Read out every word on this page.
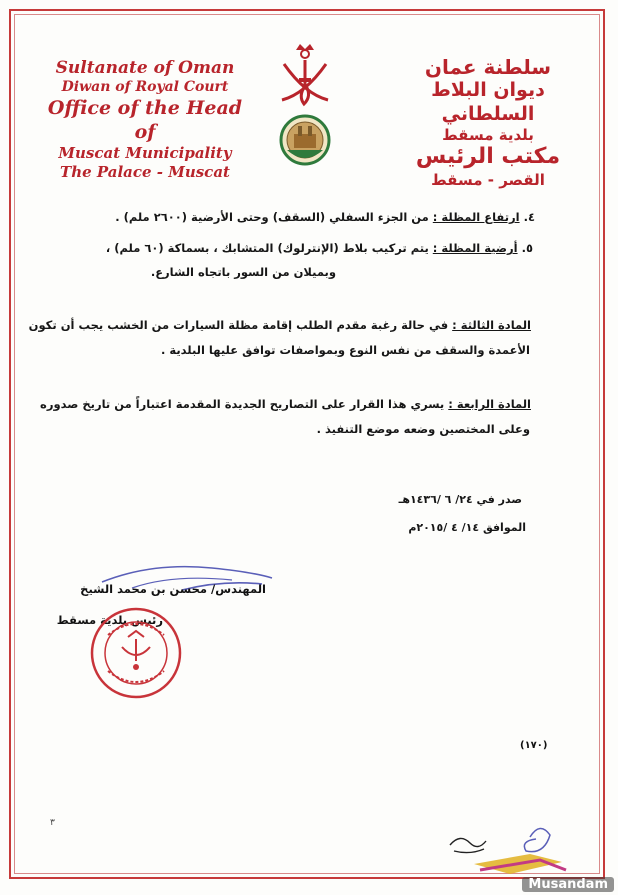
Sultanate of Oman
Diwan of Royal Court
Office of the Head of
Muscat Municipality
The Palace - Muscat
سلطنة عمان
ديوان البلاط السلطاني
بلدية مسقط
مكتب الرئيس
القصر - مسقط
٤. ارتفاع المظلة : من الجزء السفلي (السقف) وحتى الأرضية (٢٦٠٠ ملم) .
٥. أرضية المظلة : يتم تركيب بلاط (الإنترلوك) المتشابك ، بسماكة (٦٠ ملم) ،
وبميلان من السور باتجاه الشارع.
المادة الثالثة : في حالة رغبة مقدم الطلب إقامة مظلة السيارات من الخشب يجب أن تكون
الأعمدة والسقف من نفس النوع وبمواصفات توافق عليها البلدية .
المادة الرابعة : يسري هذا القرار على التصاريح الجديدة المقدمة اعتباراً من تاريخ صدوره
وعلى المختصين وضعه موضع التنفيذ .
صدر في ٢٤/ ٦ /١٤٣٦هـ
الموافق ١٤/ ٤ /٢٠١٥م
المهندس/ محسن بن محمد الشيخ
رئيس بلدية مسقط
(١٧٠)
٣
Musandam
